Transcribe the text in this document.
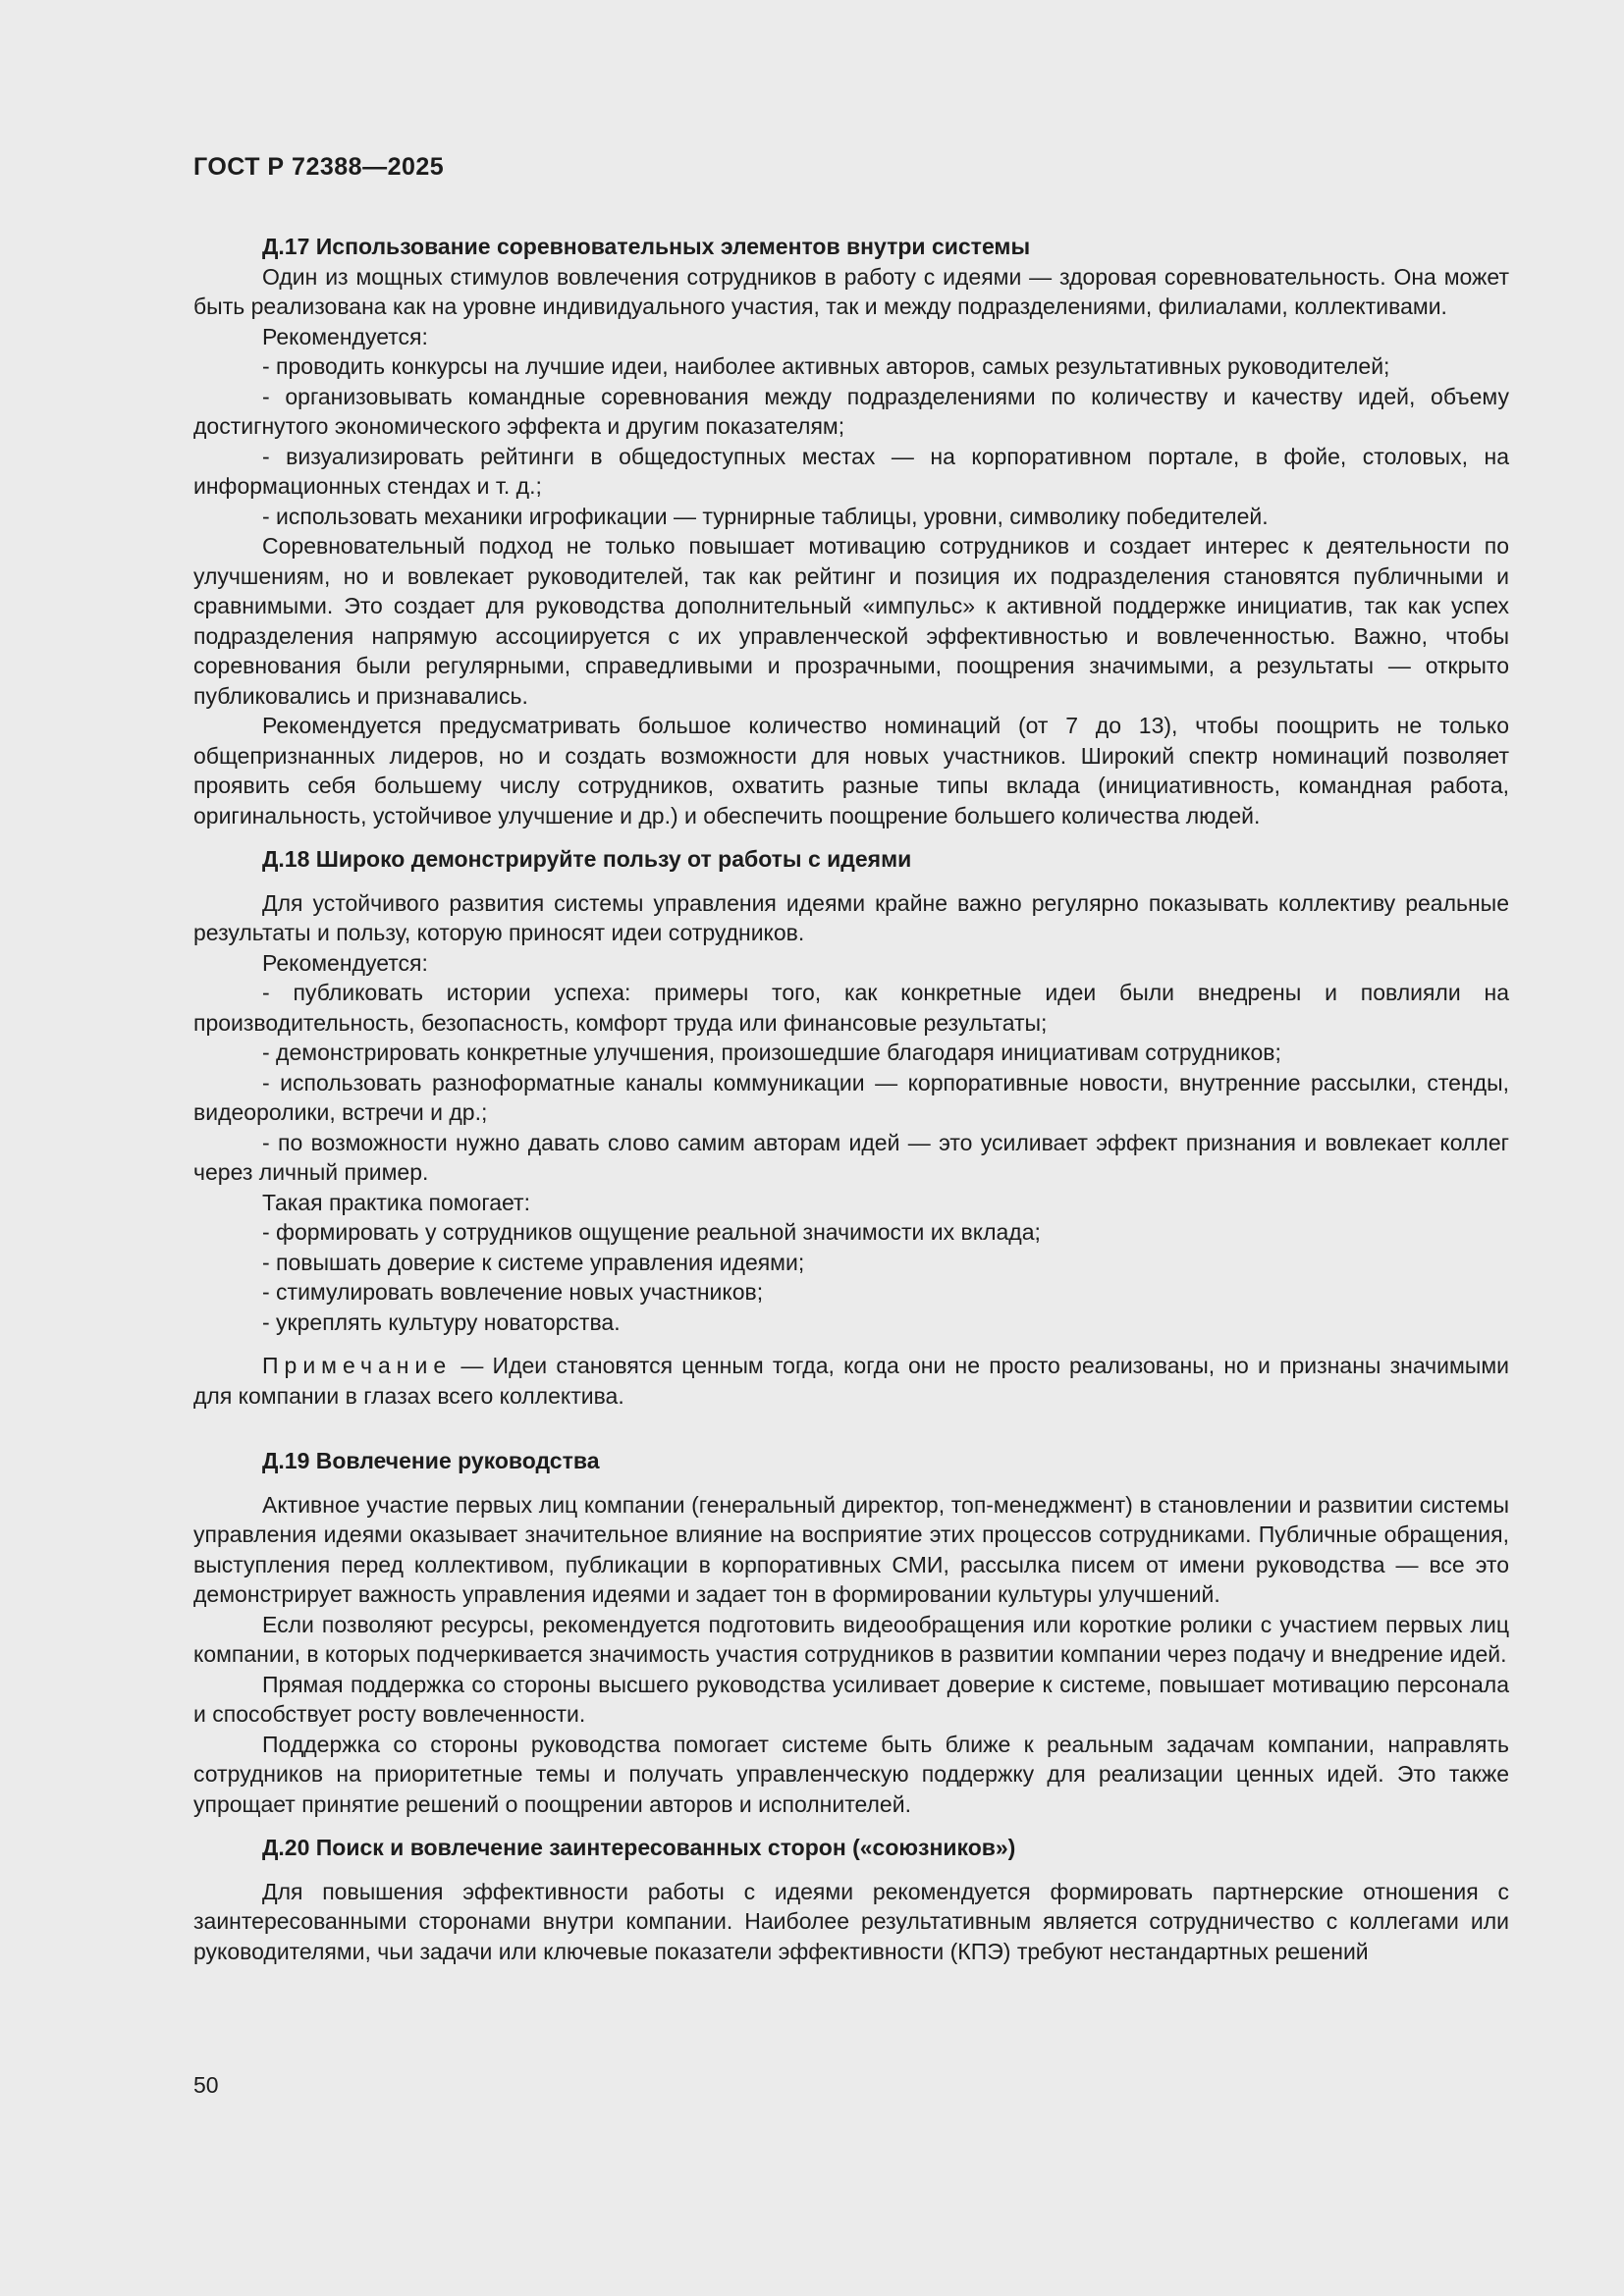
ГОСТ Р 72388—2025
Д.17 Использование соревновательных элементов внутри системы

Один из мощных стимулов вовлечения сотрудников в работу с идеями — здоровая соревновательность. Она может быть реализована как на уровне индивидуального участия, так и между подразделениями, филиалами, коллективами.

Рекомендуется:

- проводить конкурсы на лучшие идеи, наиболее активных авторов, самых результативных руководителей;

- организовывать командные соревнования между подразделениями по количеству и качеству идей, объему достигнутого экономического эффекта и другим показателям;

- визуализировать рейтинги в общедоступных местах — на корпоративном портале, в фойе, столовых, на информационных стендах и т. д.;

- использовать механики игрофикации — турнирные таблицы, уровни, символику победителей.

Соревновательный подход не только повышает мотивацию сотрудников и создает интерес к деятельности по улучшениям, но и вовлекает руководителей, так как рейтинг и позиция их подразделения становятся публичными и сравнимыми. Это создает для руководства дополнительный «импульс» к активной поддержке инициатив, так как успех подразделения напрямую ассоциируется с их управленческой эффективностью и вовлеченностью. Важно, чтобы соревнования были регулярными, справедливыми и прозрачными, поощрения значимыми, а результаты — открыто публиковались и признавались.

Рекомендуется предусматривать большое количество номинаций (от 7 до 13), чтобы поощрить не только общепризнанных лидеров, но и создать возможности для новых участников. Широкий спектр номинаций позволяет проявить себя большему числу сотрудников, охватить разные типы вклада (инициативность, командная работа, оригинальность, устойчивое улучшение и др.) и обеспечить поощрение большего количества людей.

Д.18 Широко демонстрируйте пользу от работы с идеями

Для устойчивого развития системы управления идеями крайне важно регулярно показывать коллективу реальные результаты и пользу, которую приносят идеи сотрудников.

Рекомендуется:

- публиковать истории успеха: примеры того, как конкретные идеи были внедрены и повлияли на производительность, безопасность, комфорт труда или финансовые результаты;

- демонстрировать конкретные улучшения, произошедшие благодаря инициативам сотрудников;

- использовать разноформатные каналы коммуникации — корпоративные новости, внутренние рассылки, стенды, видеоролики, встречи и др.;

- по возможности нужно давать слово самим авторам идей — это усиливает эффект признания и вовлекает коллег через личный пример.

Такая практика помогает:

- формировать у сотрудников ощущение реальной значимости их вклада;

- повышать доверие к системе управления идеями;

- стимулировать вовлечение новых участников;

- укреплять культуру новаторства.

Примечание — Идеи становятся ценным тогда, когда они не просто реализованы, но и признаны значимыми для компании в глазах всего коллектива.

Д.19 Вовлечение руководства

Активное участие первых лиц компании (генеральный директор, топ-менеджмент) в становлении и развитии системы управления идеями оказывает значительное влияние на восприятие этих процессов сотрудниками. Публичные обращения, выступления перед коллективом, публикации в корпоративных СМИ, рассылка писем от имени руководства — все это демонстрирует важность управления идеями и задает тон в формировании культуры улучшений.

Если позволяют ресурсы, рекомендуется подготовить видеообращения или короткие ролики с участием первых лиц компании, в которых подчеркивается значимость участия сотрудников в развитии компании через подачу и внедрение идей.

Прямая поддержка со стороны высшего руководства усиливает доверие к системе, повышает мотивацию персонала и способствует росту вовлеченности.

Поддержка со стороны руководства помогает системе быть ближе к реальным задачам компании, направлять сотрудников на приоритетные темы и получать управленческую поддержку для реализации ценных идей. Это также упрощает принятие решений о поощрении авторов и исполнителей.

Д.20 Поиск и вовлечение заинтересованных сторон («союзников»)

Для повышения эффективности работы с идеями рекомендуется формировать партнерские отношения с заинтересованными сторонами внутри компании. Наиболее результативным является сотрудничество с коллегами или руководителями, чьи задачи или ключевые показатели эффективности (КПЭ) требуют нестандартных решений

50
